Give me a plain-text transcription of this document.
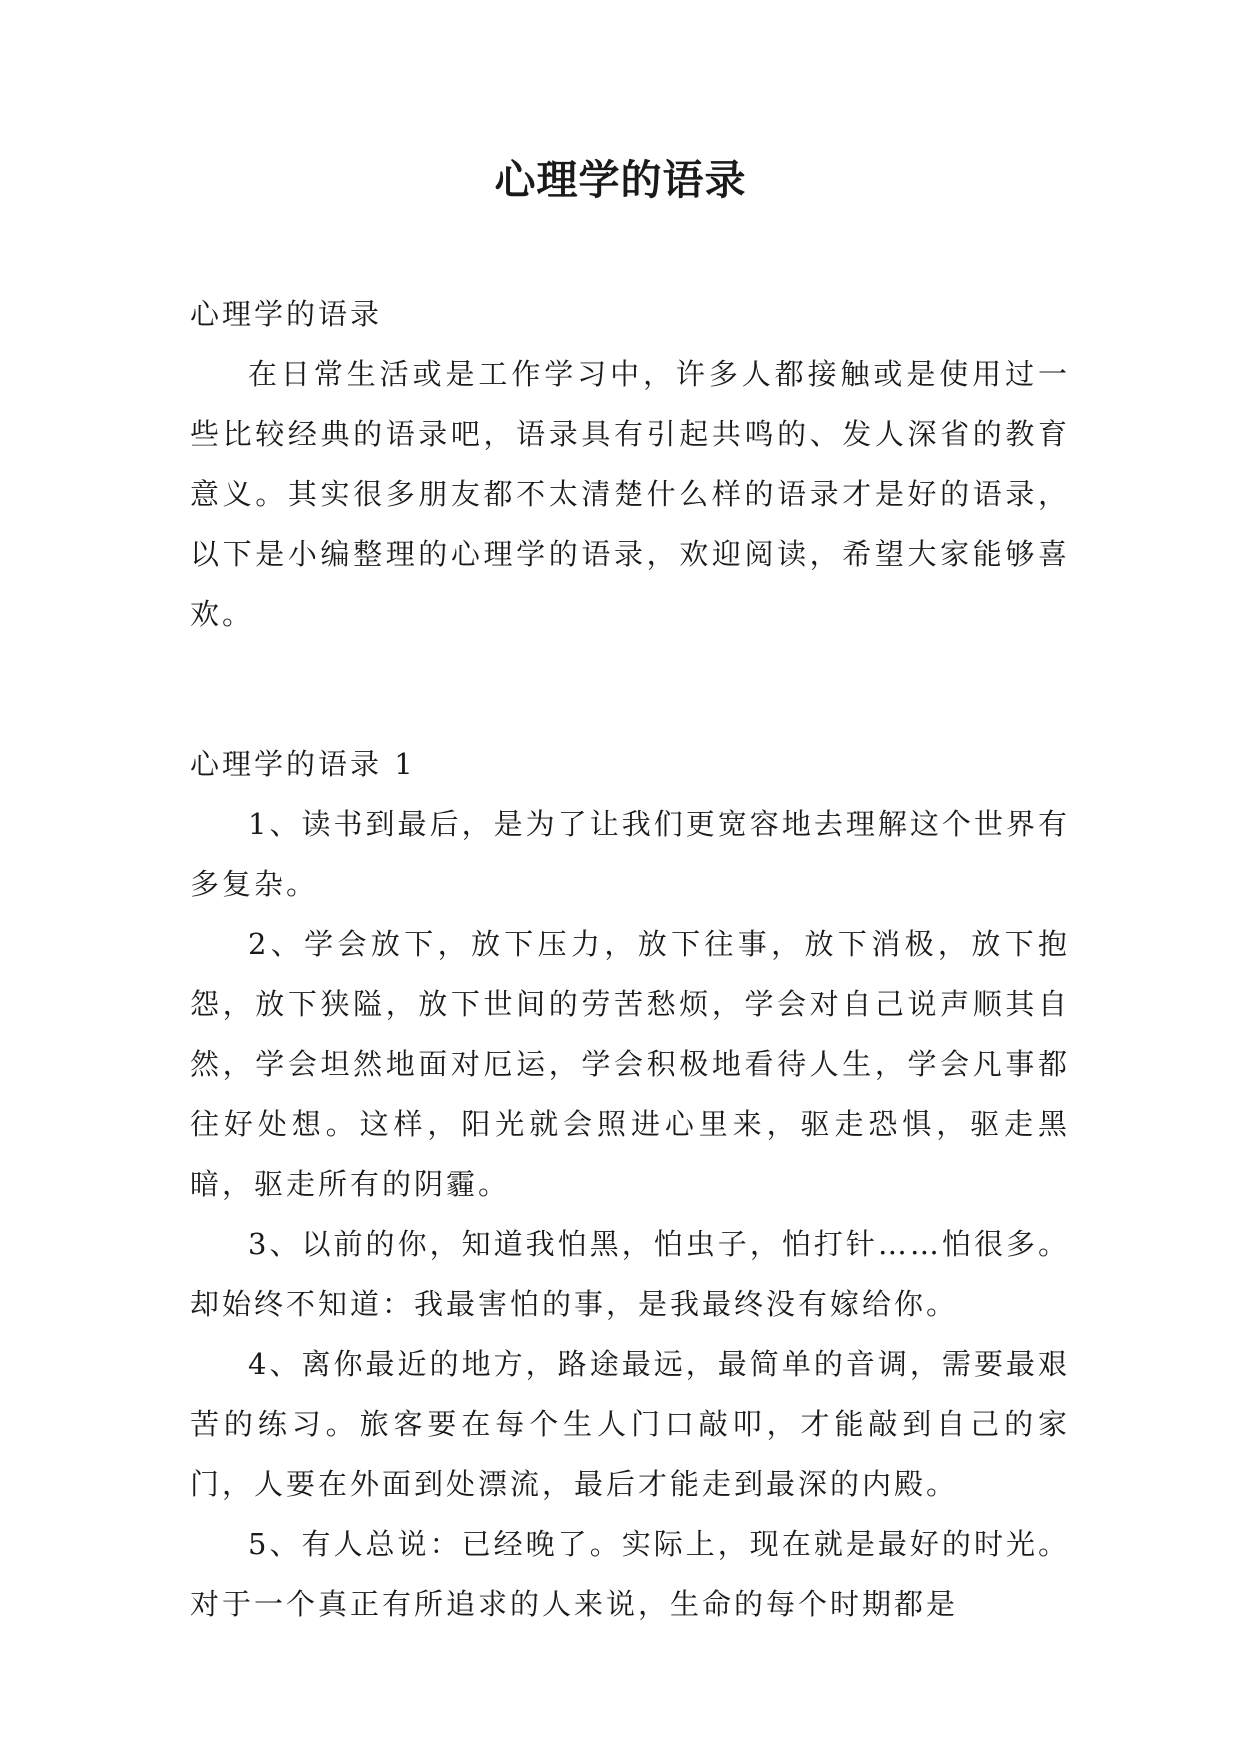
心理学的语录

心理学的语录

在日常生活或是工作学习中，许多人都接触或是使用过一些比较经典的语录吧，语录具有引起共鸣的、发人深省的教育意义。其实很多朋友都不太清楚什么样的语录才是好的语录，以下是小编整理的心理学的语录，欢迎阅读，希望大家能够喜欢。

心理学的语录 1

1、读书到最后，是为了让我们更宽容地去理解这个世界有多复杂。

2、学会放下，放下压力，放下往事，放下消极，放下抱怨，放下狭隘，放下世间的劳苦愁烦，学会对自己说声顺其自然，学会坦然地面对厄运，学会积极地看待人生，学会凡事都往好处想。这样，阳光就会照进心里来，驱走恐惧，驱走黑暗，驱走所有的阴霾。

3、以前的你，知道我怕黑，怕虫子，怕打针……怕很多。却始终不知道：我最害怕的事，是我最终没有嫁给你。

4、离你最近的地方，路途最远，最简单的音调，需要最艰苦的练习。旅客要在每个生人门口敲叩，才能敲到自己的家门，人要在外面到处漂流，最后才能走到最深的内殿。

5、有人总说：已经晚了。实际上，现在就是最好的时光。对于一个真正有所追求的人来说，生命的每个时期都是
